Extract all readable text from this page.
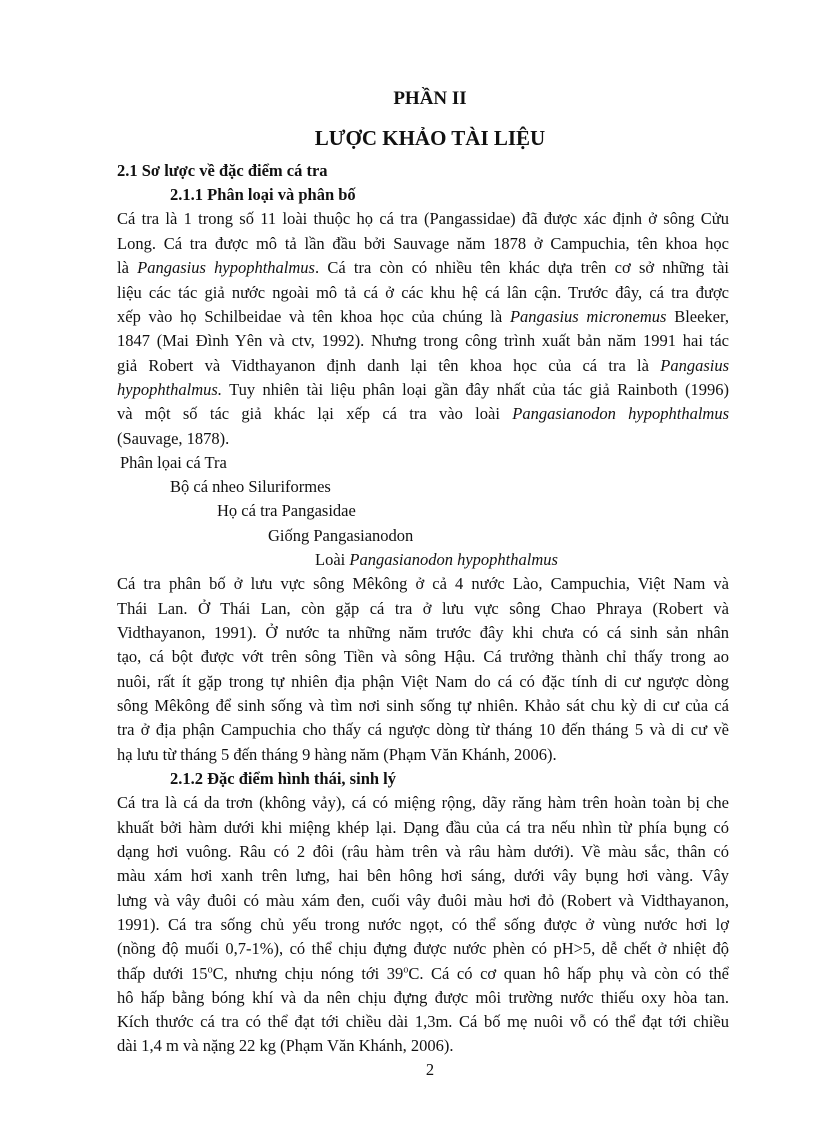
PHẦN II
LƯỢC KHẢO TÀI LIỆU
2.1 Sơ lược về đặc điểm cá tra
2.1.1 Phân loại và phân bố
Cá tra là 1 trong số 11 loài thuộc họ cá tra (Pangassidae) đã được xác định ở sông Cửu
Long. Cá tra được mô tả lần đầu bởi Sauvage năm 1878 ở Campuchia, tên khoa học
là Pangasius hypophthalmus. Cá tra còn có nhiều tên khác dựa trên cơ sở những tài
liệu các tác giả nước ngoài mô tả cá ở các khu hệ cá lân cận. Trước đây, cá tra được
xếp vào họ Schilbeidae và tên khoa học của chúng là Pangasius micronemus Bleeker,
1847 (Mai Đình Yên và ctv, 1992). Nhưng trong công trình xuất bản năm 1991 hai tác
giả Robert và Vidthayanon định danh lại tên khoa học của cá tra là Pangasius
hypophthalmus. Tuy nhiên tài liệu phân loại gần đây nhất của tác giả Rainboth (1996)
và một số tác giả khác lại xếp cá tra vào loài Pangasianodon hypophthalmus
(Sauvage, 1878).
Phân lọai cá Tra
Bộ cá nheo Siluriformes
Họ cá tra Pangasidae
Giống Pangasianodon
Loài Pangasianodon hypophthalmus
Cá tra phân bố ở lưu vực sông Mêkông ở cả 4 nước Lào, Campuchia, Việt Nam và
Thái Lan. Ở Thái Lan, còn gặp cá tra ở lưu vực sông Chao Phraya (Robert và
Vidthayanon, 1991). Ở nước ta những năm trước đây khi chưa có cá sinh sản nhân
tạo, cá bột được vớt trên sông Tiền và sông Hậu. Cá trưởng thành chỉ thấy trong ao
nuôi, rất ít gặp trong tự nhiên địa phận Việt Nam do cá có đặc tính di cư ngược dòng
sông Mêkông để sinh sống và tìm nơi sinh sống tự nhiên. Khảo sát chu kỳ di cư của cá
tra ở địa phận Campuchia cho thấy cá ngược dòng từ tháng 10 đến tháng 5 và di cư về
hạ lưu từ tháng 5 đến tháng 9 hàng năm (Phạm Văn Khánh, 2006).
2.1.2 Đặc điểm hình thái, sinh lý
Cá tra là cá da trơn (không vảy), cá có miệng rộng, dãy răng hàm trên hoàn toàn bị che
khuất bởi hàm dưới khi miệng khép lại. Dạng đầu của cá tra nếu nhìn từ phía bụng có
dạng hơi vuông. Râu có 2 đôi (râu hàm trên và râu hàm dưới). Về màu sắc, thân có
màu xám hơi xanh trên lưng, hai bên hông hơi sáng, dưới vây bụng hơi vàng. Vây
lưng và vây đuôi có màu xám đen, cuối vây đuôi màu hơi đỏ (Robert và Vidthayanon,
1991). Cá tra sống chủ yếu trong nước ngọt, có thể sống được ở vùng nước hơi lợ
(nồng độ muối 0,7-1%), có thể chịu đựng được nước phèn có pH>5, dễ chết ở nhiệt độ
thấp dưới 15$^o$C, nhưng chịu nóng tới 39$^o$C. Cá có cơ quan hô hấp phụ và còn có thể
hô hấp bằng bóng khí và da nên chịu đựng được môi trường nước thiếu oxy hòa tan.
Kích thước cá tra có thể đạt tới chiều dài 1,3m. Cá bố mẹ nuôi vỗ có thể đạt tới chiều
dài 1,4 m và nặng 22 kg (Phạm Văn Khánh, 2006).
2
